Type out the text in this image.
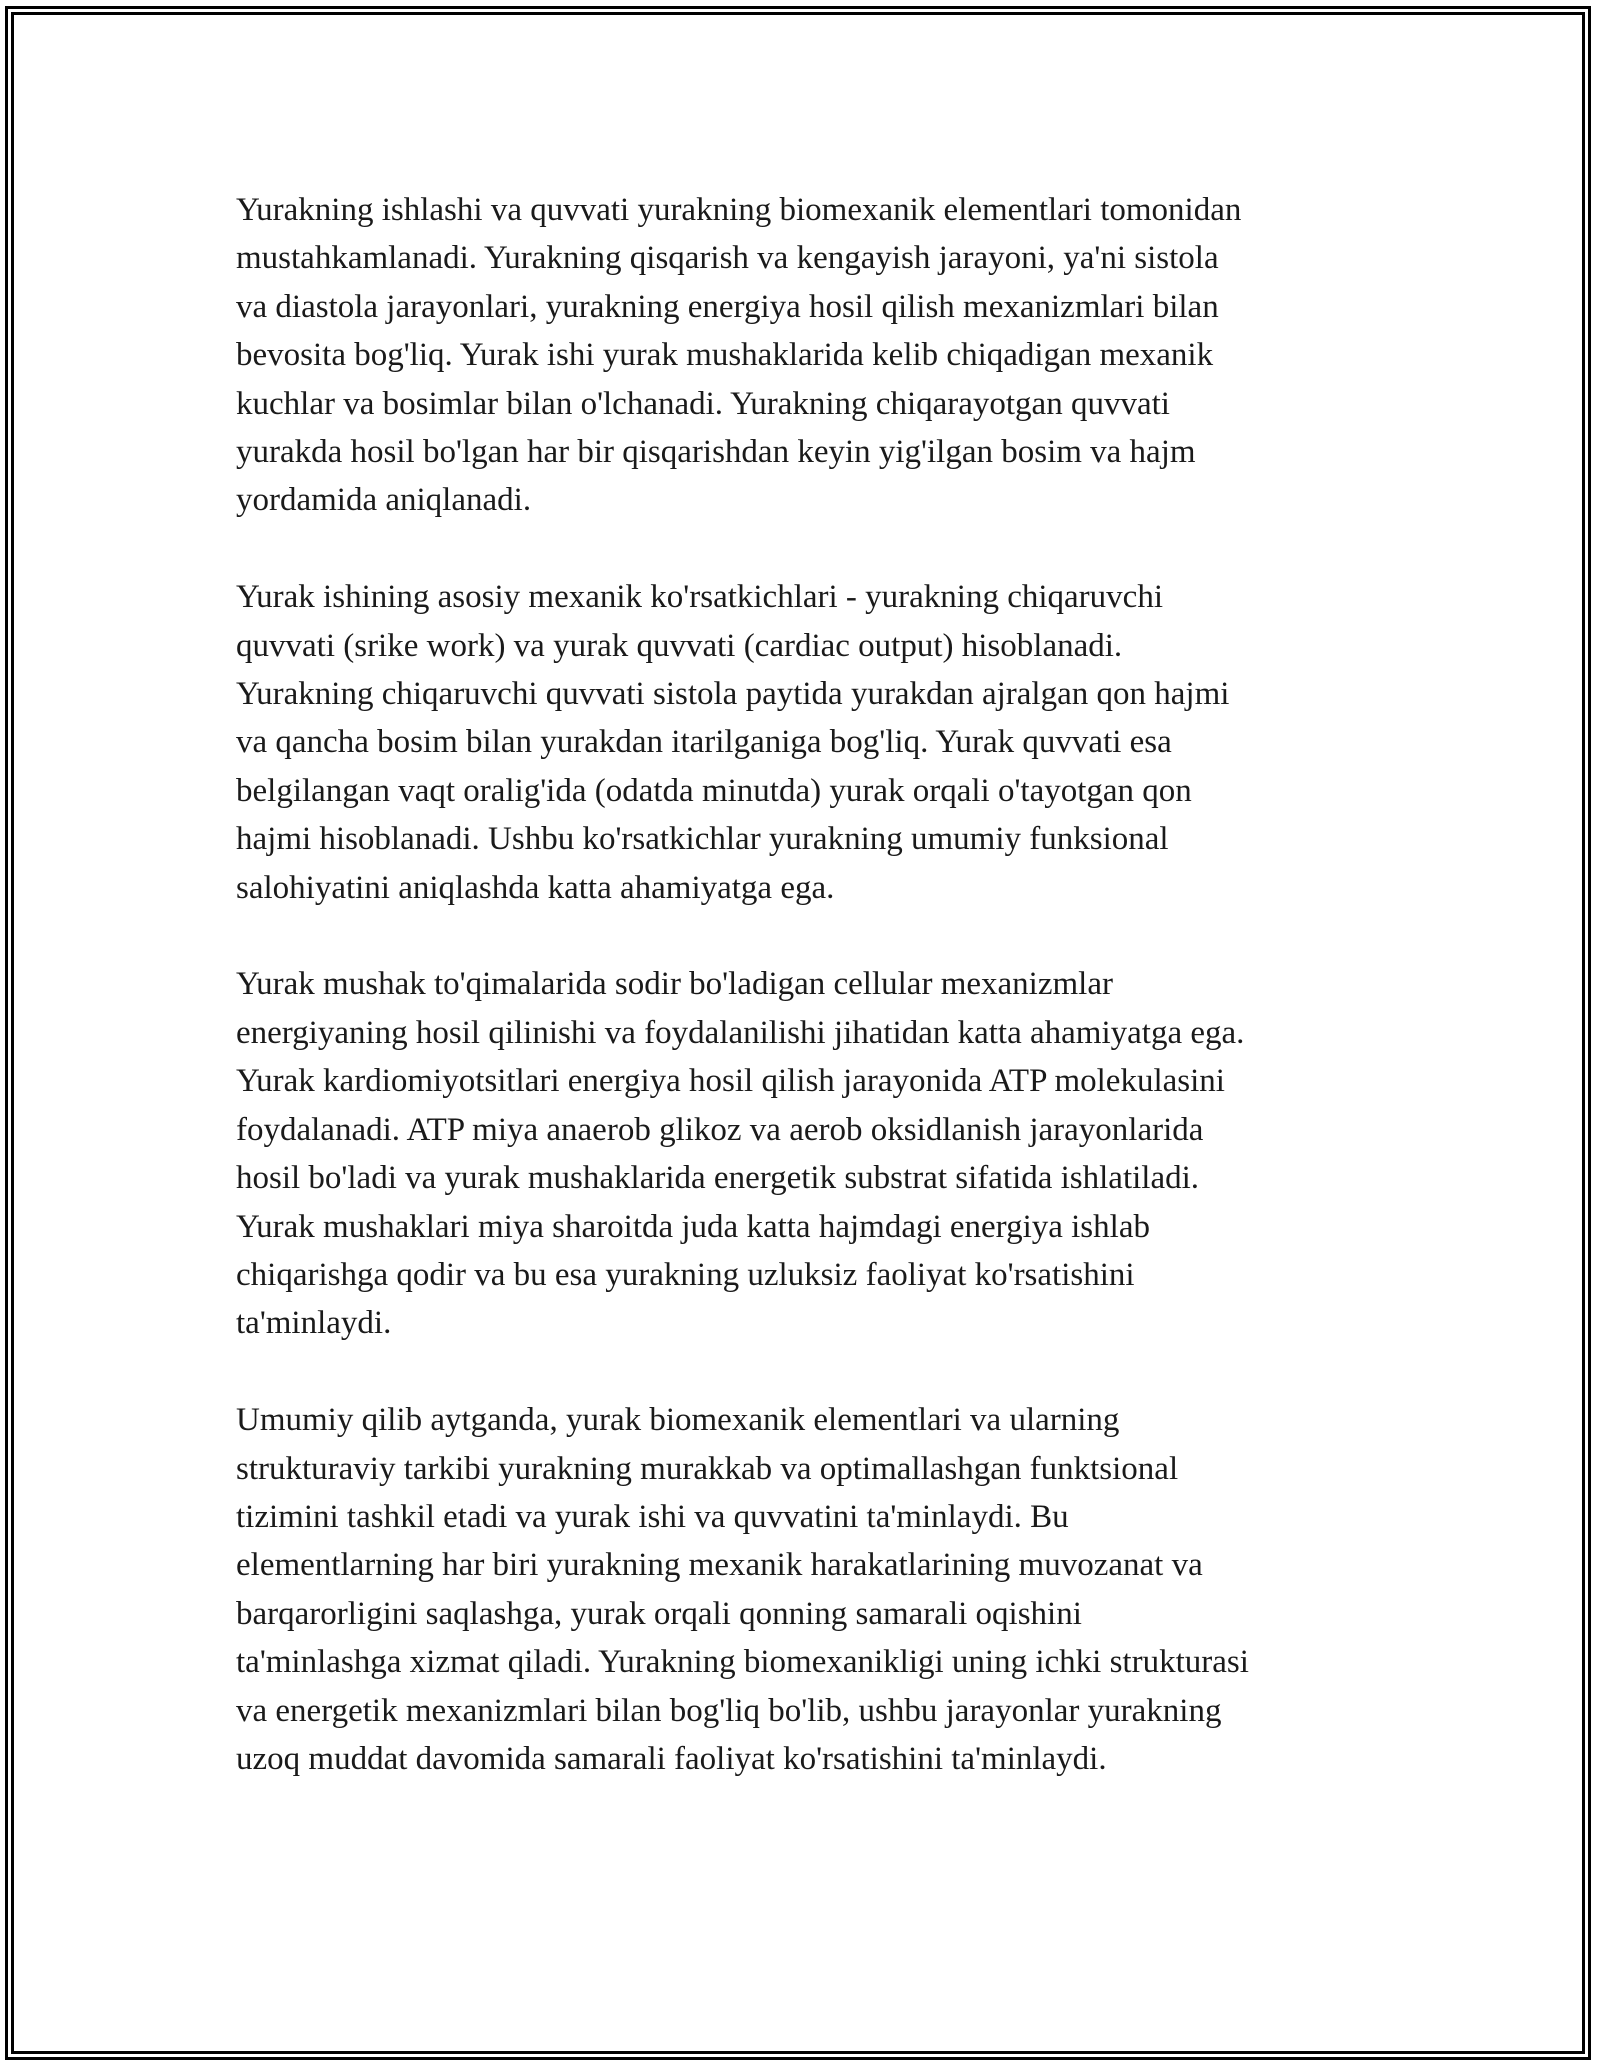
Yurakning ishlashi va quvvati yurakning biomexanik elementlari tomonidan
mustahkamlanadi. Yurakning qisqarish va kengayish jarayoni, ya'ni sistola
va diastola jarayonlari, yurakning energiya hosil qilish mexanizmlari bilan
bevosita bog'liq. Yurak ishi yurak mushaklarida kelib chiqadigan mexanik
kuchlar va bosimlar bilan o'lchanadi. Yurakning chiqarayotgan quvvati
yurakda hosil bo'lgan har bir qisqarishdan keyin yig'ilgan bosim va hajm
yordamida aniqlanadi.

Yurak ishining asosiy mexanik ko'rsatkichlari - yurakning chiqaruvchi
quvvati (srike work) va yurak quvvati (cardiac output) hisoblanadi.
Yurakning chiqaruvchi quvvati sistola paytida yurakdan ajralgan qon hajmi
va qancha bosim bilan yurakdan itarilganiga bog'liq. Yurak quvvati esa
belgilangan vaqt oralig'ida (odatda minutda) yurak orqali o'tayotgan qon
hajmi hisoblanadi. Ushbu ko'rsatkichlar yurakning umumiy funksional
salohiyatini aniqlashda katta ahamiyatga ega.

Yurak mushak to'qimalarida sodir bo'ladigan cellular mexanizmlar
energiyaning hosil qilinishi va foydalanilishi jihatidan katta ahamiyatga ega.
Yurak kardiomiyotsitlari energiya hosil qilish jarayonida ATP molekulasini
foydalanadi. ATP miya anaerob glikoz va aerob oksidlanish jarayonlarida
hosil bo'ladi va yurak mushaklarida energetik substrat sifatida ishlatiladi.
Yurak mushaklari miya sharoitda juda katta hajmdagi energiya ishlab
chiqarishga qodir va bu esa yurakning uzluksiz faoliyat ko'rsatishini
ta'minlaydi.

Umumiy qilib aytganda, yurak biomexanik elementlari va ularning
strukturaviy tarkibi yurakning murakkab va optimallashgan funktsional
tizimini tashkil etadi va yurak ishi va quvvatini ta'minlaydi. Bu
elementlarning har biri yurakning mexanik harakatlarining muvozanat va
barqarorligini saqlashga, yurak orqali qonning samarali oqishini
ta'minlashga xizmat qiladi. Yurakning biomexanikligi uning ichki strukturasi
va energetik mexanizmlari bilan bog'liq bo'lib, ushbu jarayonlar yurakning
uzoq muddat davomida samarali faoliyat ko'rsatishini ta'minlaydi.
